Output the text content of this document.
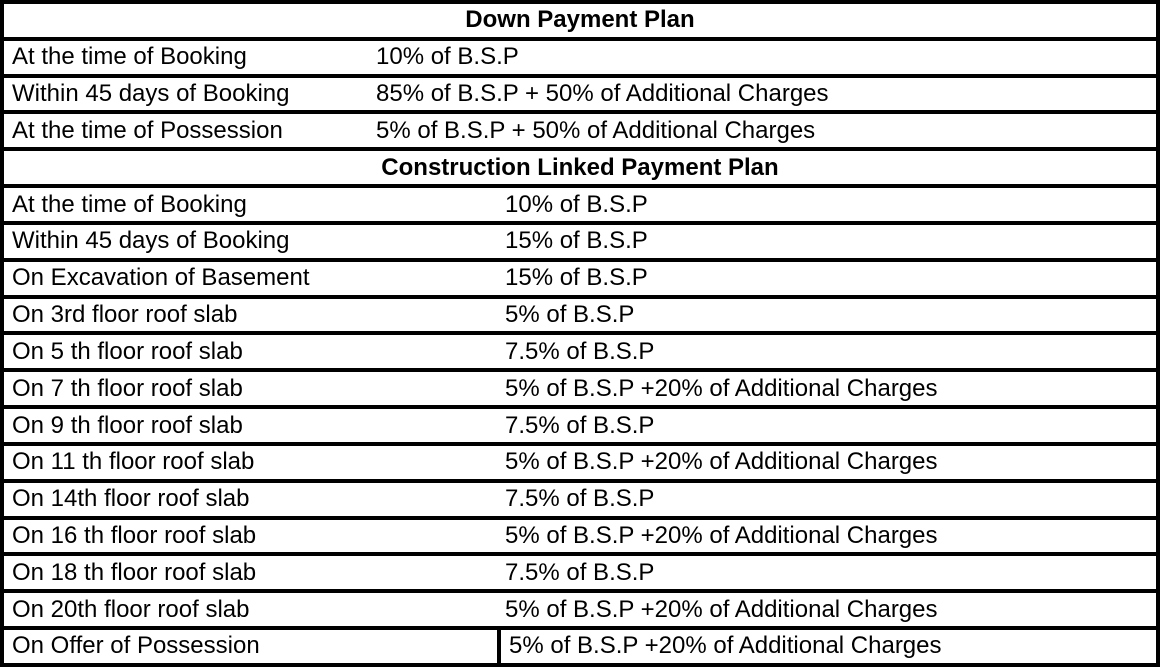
Down Payment Plan
At the time of Booking	10% of B.S.P
Within 45 days of Booking	85% of B.S.P + 50% of Additional Charges
At the time of Possession	5% of B.S.P + 50% of Additional Charges
Construction Linked Payment Plan
At the time of Booking	10% of B.S.P
Within 45 days of Booking	15% of B.S.P
On Excavation of Basement	15% of B.S.P
On 3rd floor roof slab	5% of B.S.P
On 5 th floor roof slab	7.5% of B.S.P
On 7 th floor roof slab	5% of B.S.P +20% of Additional Charges
On 9 th floor roof slab	7.5% of B.S.P
On 11 th floor roof slab	5% of B.S.P +20% of Additional Charges
On 14th floor roof slab	7.5% of B.S.P
On 16 th floor roof slab	5% of B.S.P +20% of Additional Charges
On 18 th floor roof slab	7.5% of B.S.P
On 20th floor roof slab	5% of B.S.P +20% of Additional Charges
On Offer of Possession	5% of B.S.P +20% of Additional Charges
